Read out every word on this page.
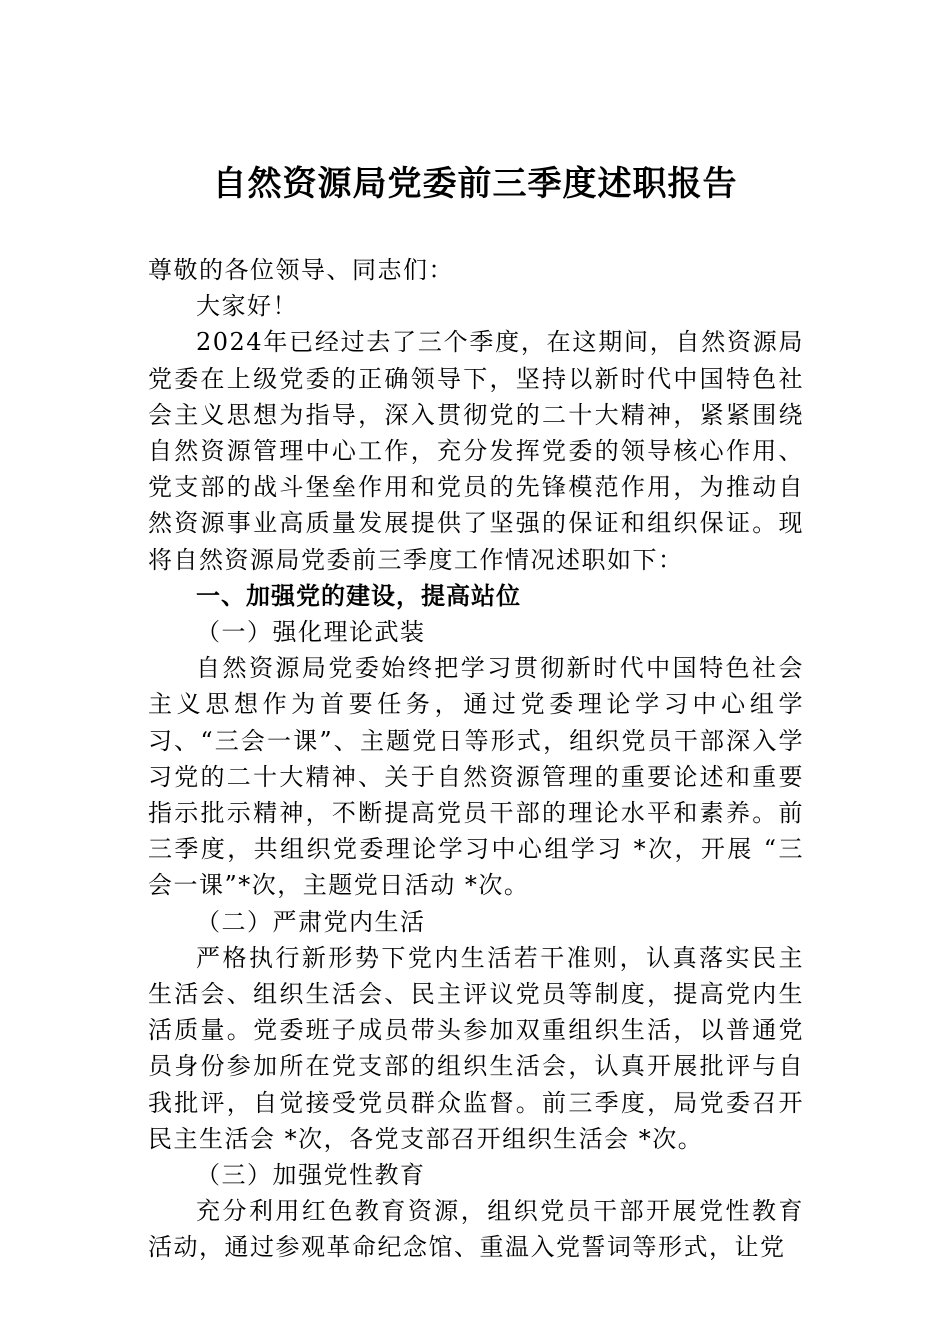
自然资源局党委前三季度述职报告

尊敬的各位领导、同志们：

大家好！

2024年已经过去了三个季度，在这期间，自然资源局党委在上级党委的正确领导下，坚持以新时代中国特色社会主义思想为指导，深入贯彻党的二十大精神，紧紧围绕自然资源管理中心工作，充分发挥党委的领导核心作用、党支部的战斗堡垒作用和党员的先锋模范作用，为推动自然资源事业高质量发展提供了坚强的保证和组织保证。现将自然资源局党委前三季度工作情况述职如下：

一、加强党的建设，提高站位

（一）强化理论武装

自然资源局党委始终把学习贯彻新时代中国特色社会主义思想作为首要任务，通过党委理论学习中心组学习、“三会一课”、主题党日等形式，组织党员干部深入学习党的二十大精神、关于自然资源管理的重要论述和重要指示批示精神，不断提高党员干部的理论水平和素养。前三季度，共组织党委理论学习中心组学习 *次，开展 “三会一课”*次，主题党日活动 *次。

（二）严肃党内生活

严格执行新形势下党内生活若干准则，认真落实民主生活会、组织生活会、民主评议党员等制度，提高党内生活质量。党委班子成员带头参加双重组织生活，以普通党员身份参加所在党支部的组织生活会，认真开展批评与自我批评，自觉接受党员群众监督。前三季度，局党委召开民主生活会 *次，各党支部召开组织生活会 *次。

（三）加强党性教育

充分利用红色教育资源，组织党员干部开展党性教育活动，通过参观革命纪念馆、重温入党誓词等形式，让党
